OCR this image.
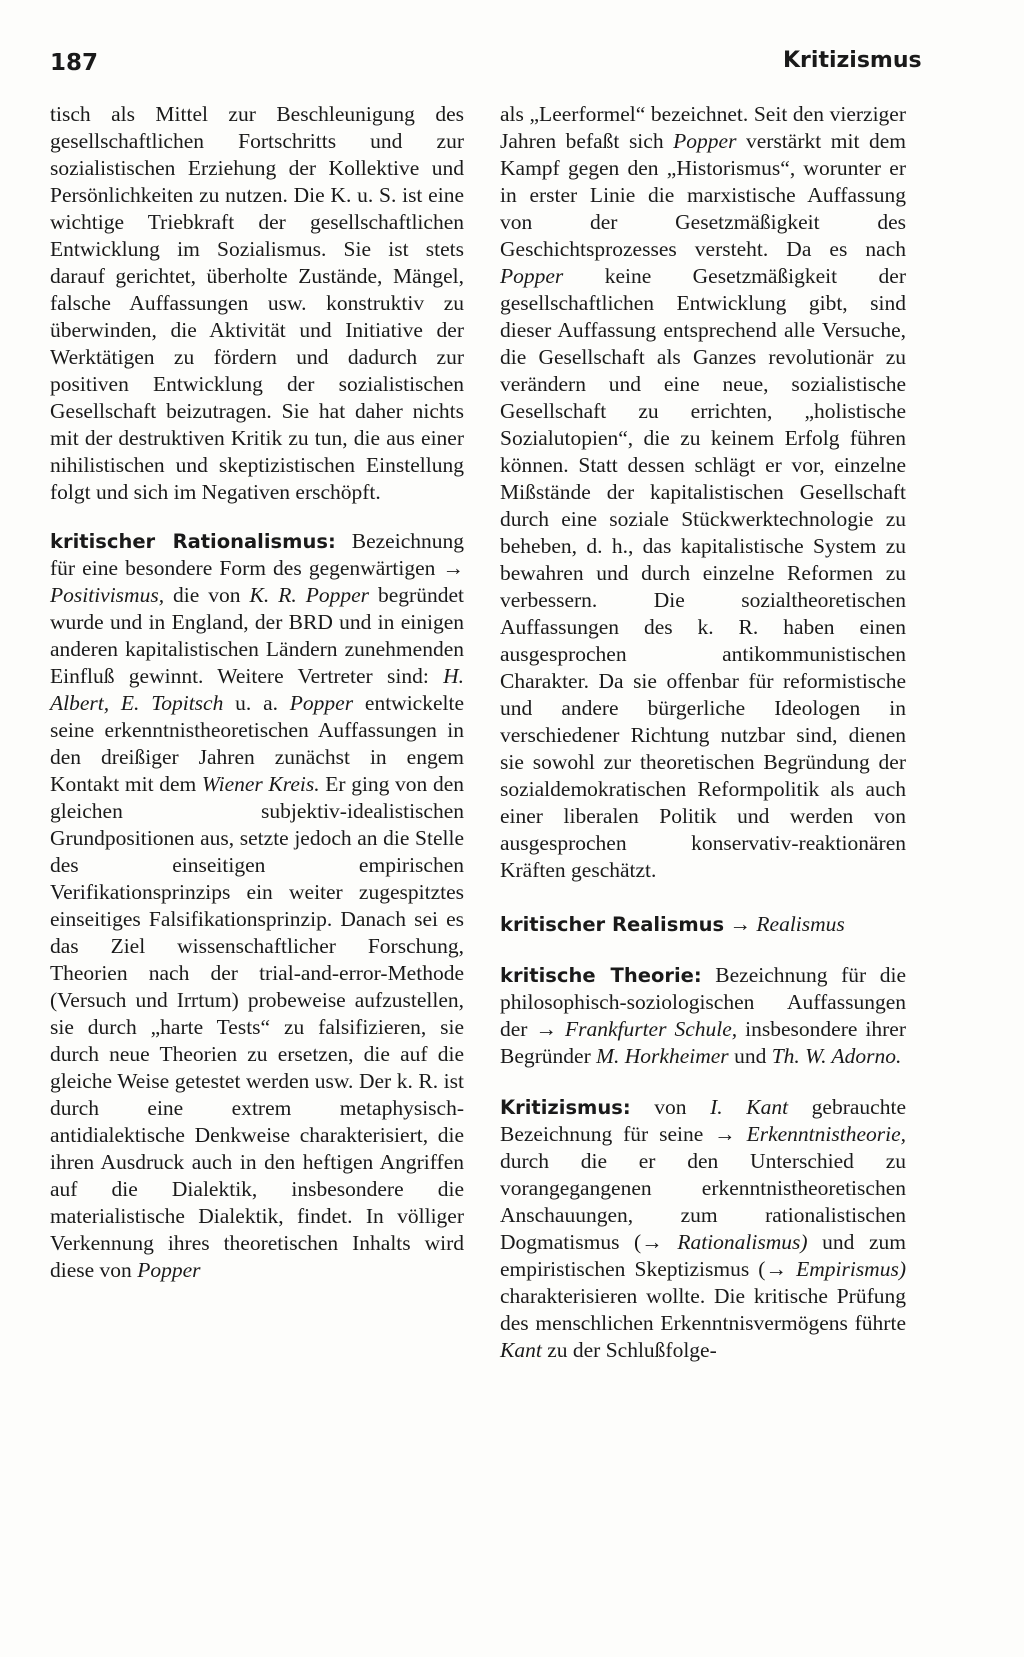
187	Kritizismus

tisch als Mittel zur Beschleunigung des gesellschaftlichen Fortschritts und zur sozialistischen Erziehung der Kollektive und Persönlichkeiten zu nutzen. Die K. u. S. ist eine wichtige Triebkraft der gesellschaftlichen Entwicklung im Sozialismus. Sie ist stets darauf gerichtet, überholte Zustände, Mängel, falsche Auffassungen usw. konstruktiv zu überwinden, die Aktivität und Initiative der Werktätigen zu fördern und dadurch zur positiven Entwicklung der sozialistischen Gesellschaft beizutragen. Sie hat daher nichts mit der destruktiven Kritik zu tun, die aus einer nihilistischen und skeptizistischen Einstellung folgt und sich im Negativen erschöpft.

kritischer Rationalismus: Bezeichnung für eine besondere Form des gegenwärtigen → Positivismus, die von K. R. Popper begründet wurde und in England, der BRD und in einigen anderen kapitalistischen Ländern zunehmenden Einfluß gewinnt. Weitere Vertreter sind: H. Albert, E. Topitsch u. a. Popper entwickelte seine erkenntnistheoretischen Auffassungen in den dreißiger Jahren zunächst in engem Kontakt mit dem Wiener Kreis. Er ging von den gleichen subjektiv-idealistischen Grundpositionen aus, setzte jedoch an die Stelle des einseitigen empirischen Verifikationsprinzips ein weiter zugespitztes einseitiges Falsifikationsprinzip. Danach sei es das Ziel wissenschaftlicher Forschung, Theorien nach der trial-and-error-Methode (Versuch und Irrtum) probeweise aufzustellen, sie durch „harte Tests“ zu falsifizieren, sie durch neue Theorien zu ersetzen, die auf die gleiche Weise getestet werden usw. Der k. R. ist durch eine extrem metaphysisch-antidialektische Denkweise charakterisiert, die ihren Ausdruck auch in den heftigen Angriffen auf die Dialektik, insbesondere die materialistische Dialektik, findet. In völliger Verkennung ihres theoretischen Inhalts wird diese von Popper

als „Leerformel“ bezeichnet. Seit den vierziger Jahren befaßt sich Popper verstärkt mit dem Kampf gegen den „Historismus“, worunter er in erster Linie die marxistische Auffassung von der Gesetzmäßigkeit des Geschichtsprozesses versteht. Da es nach Popper keine Gesetzmäßigkeit der gesellschaftlichen Entwicklung gibt, sind dieser Auffassung entsprechend alle Versuche, die Gesellschaft als Ganzes revolutionär zu verändern und eine neue, sozialistische Gesellschaft zu errichten, „holistische Sozialutopien“, die zu keinem Erfolg führen können. Statt dessen schlägt er vor, einzelne Mißstände der kapitalistischen Gesellschaft durch eine soziale Stückwerktechnologie zu beheben, d. h., das kapitalistische System zu bewahren und durch einzelne Reformen zu verbessern. Die sozialtheoretischen Auffassungen des k. R. haben einen ausgesprochen antikommunistischen Charakter. Da sie offenbar für reformistische und andere bürgerliche Ideologen in verschiedener Richtung nutzbar sind, dienen sie sowohl zur theoretischen Begründung der sozialdemokratischen Reformpolitik als auch einer liberalen Politik und werden von ausgesprochen konservativ-reaktionären Kräften geschätzt.

kritischer Realismus → Realismus

kritische Theorie: Bezeichnung für die philosophisch-soziologischen Auffassungen der → Frankfurter Schule, insbesondere ihrer Begründer M. Horkheimer und Th. W. Adorno.

Kritizismus: von I. Kant gebrauchte Bezeichnung für seine → Erkenntnistheorie, durch die er den Unterschied zu vorangegangenen erkenntnistheoretischen Anschauungen, zum rationalistischen Dogmatismus (→ Rationalismus) und zum empiristischen Skeptizismus (→ Empirismus) charakterisieren wollte. Die kritische Prüfung des menschlichen Erkenntnisvermögens führte Kant zu der Schlußfolge-
